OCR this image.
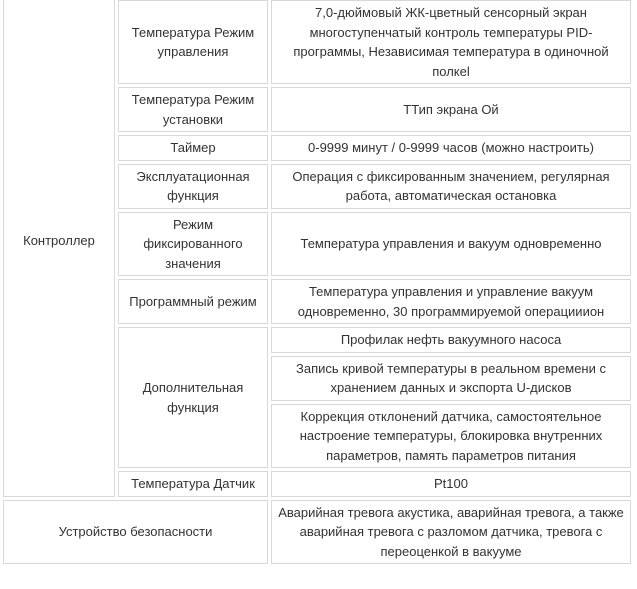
Контроллер		
	Температура Режим управления	7,0-дюймовый ЖК-цветный сенсорный экран многоступенчатый контроль температуры PID-программы, Независимая температура в одиночной полкеl
	Температура Режим установки	ТТип экрана Ой
	Таймер	0-9999 минут / 0-9999 часов (можно настроить)
	Эксплуатационная функция	Операция с фиксированным значением, регулярная работа, автоматическая остановка
	Режим фиксированного значения	Температура управления и вакуум одновременно
	Программный режим	Температура управления и управление вакуум одновременно, 30 программируемой операцииион
	Дополнительная функция	Профилак нефть вакуумного насоса
		Запись кривой температуры в реальном времени с хранением данных и экспорта U-дисков
		Коррекция отклонений датчика, самостоятельное настроение температуры, блокировка внутренних параметров, память параметров питания
	Температура Датчик	Pt100
Устройство безопасности		Аварийная тревога акустика, аварийная тревога, а также аварийная тревога с разломом датчика, тревога с переоценкой в вакууме
